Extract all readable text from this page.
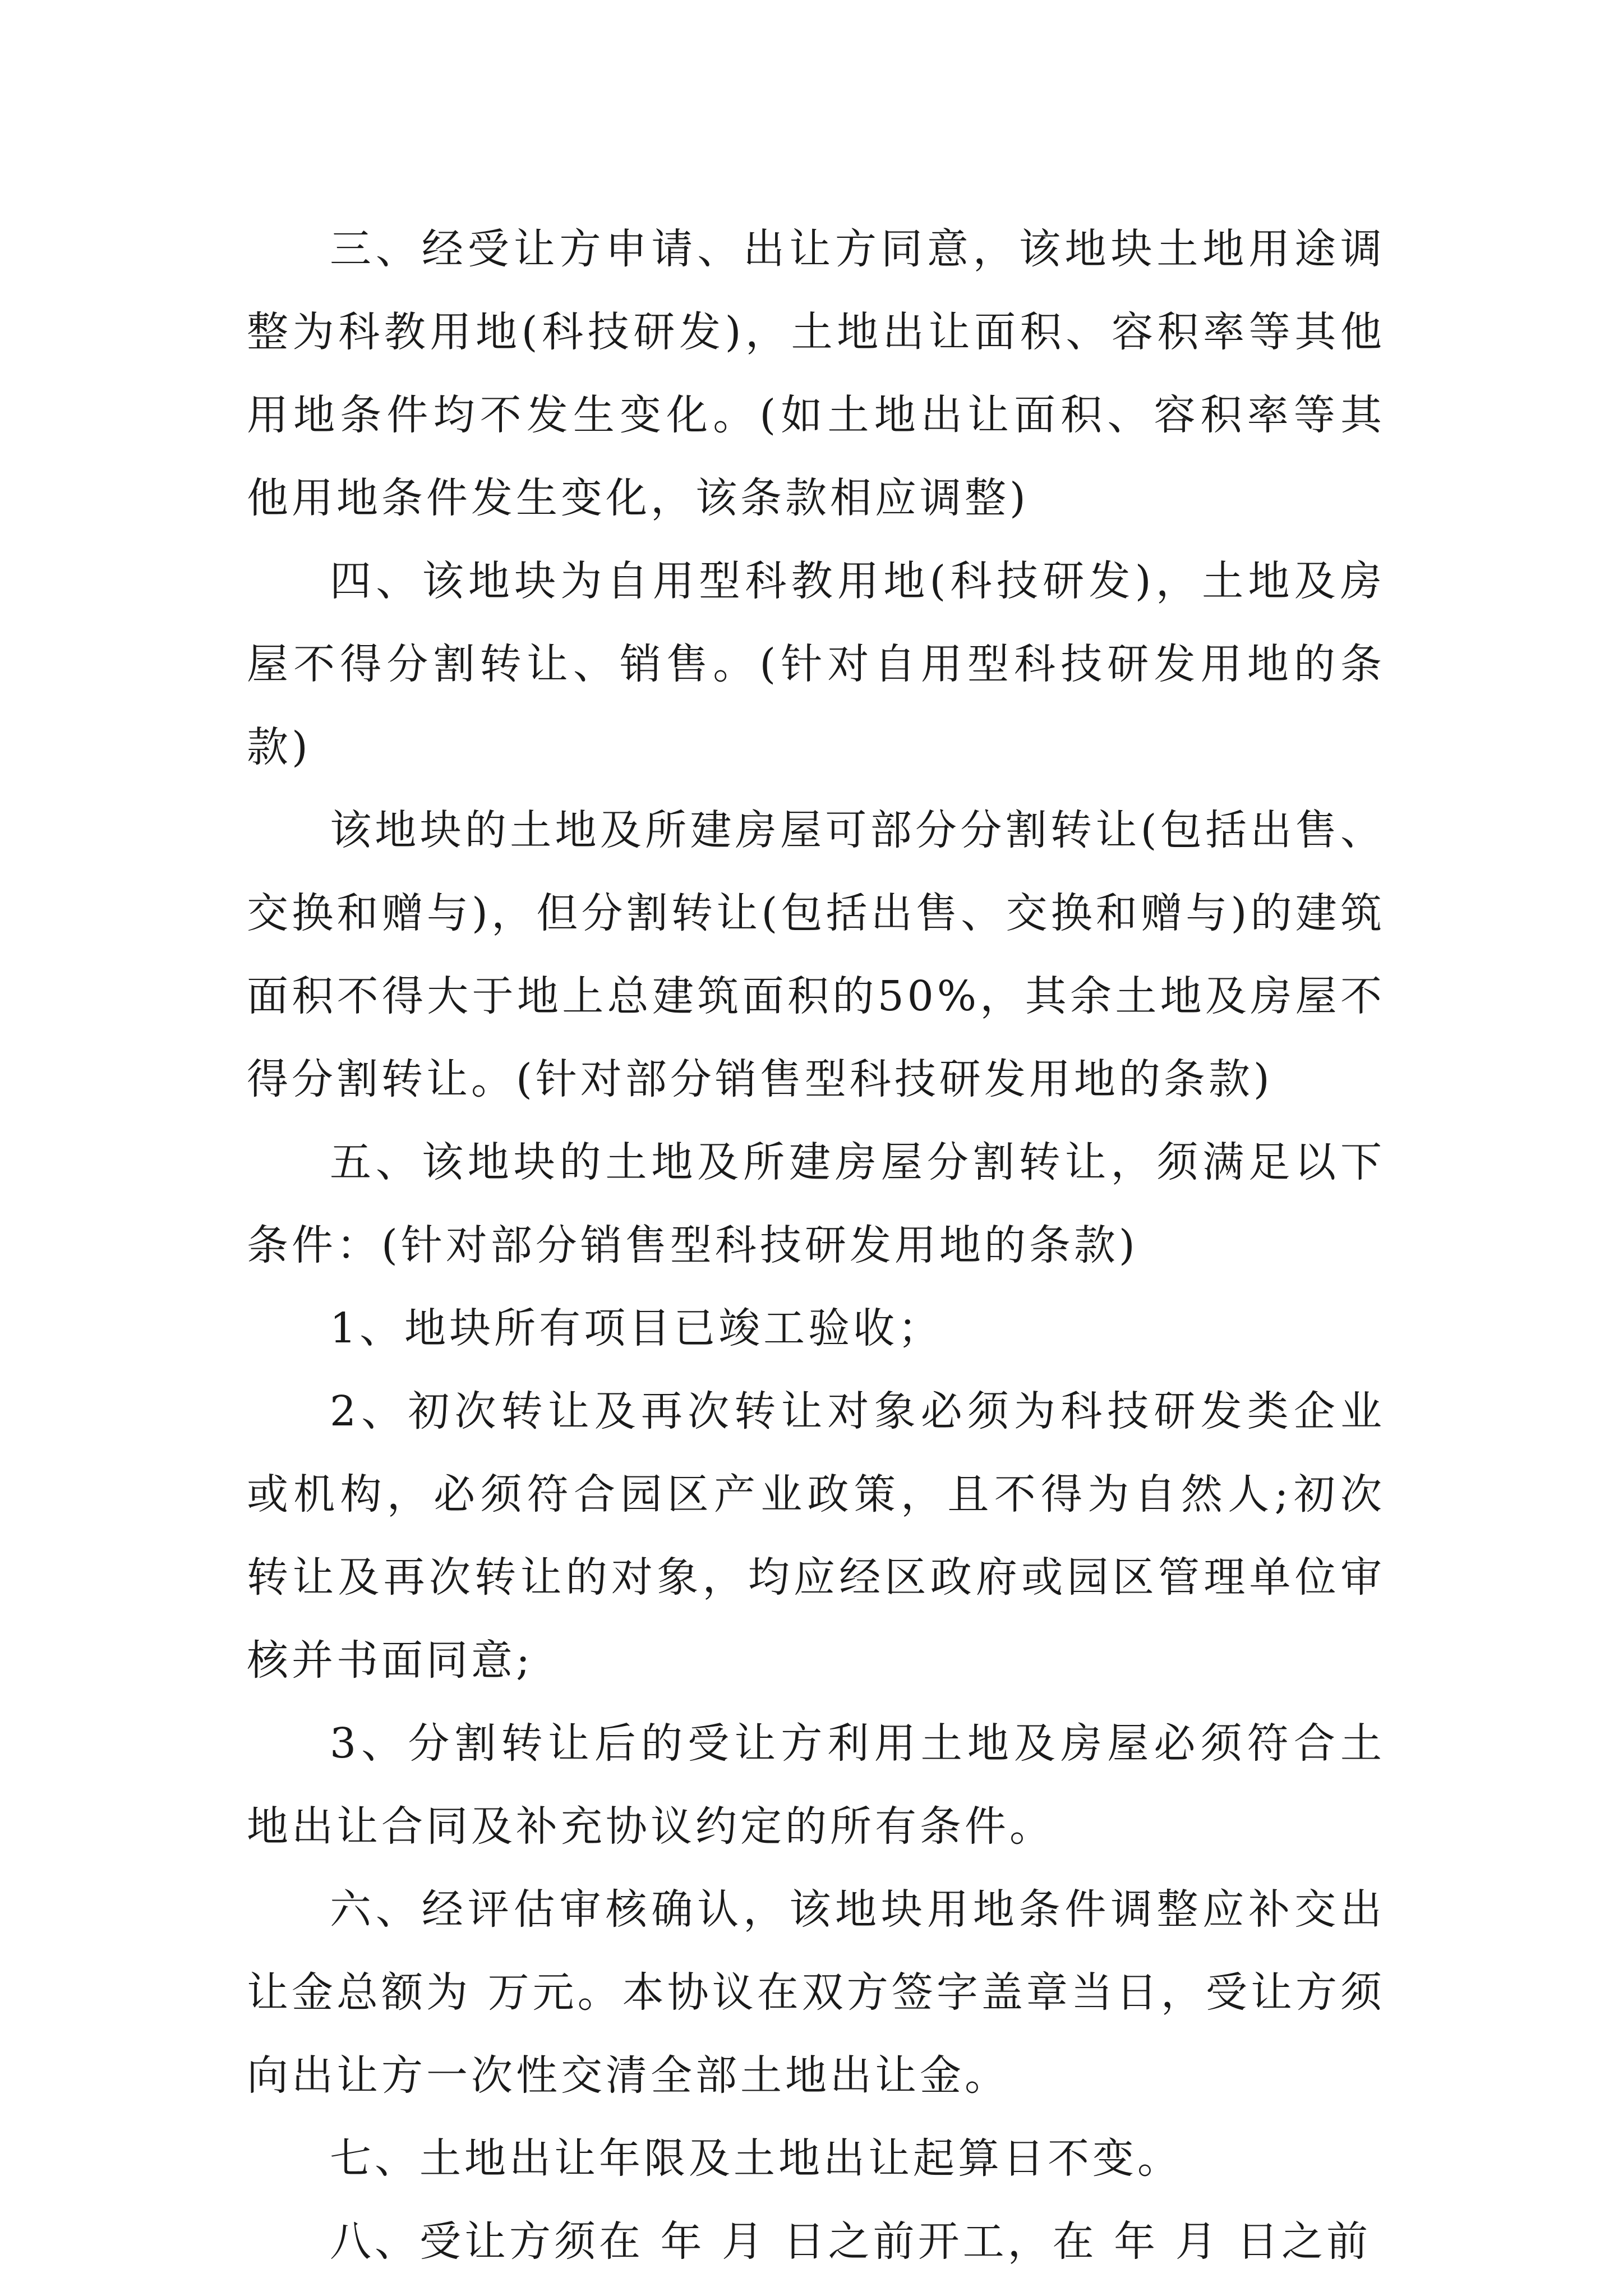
三、经受让方申请、出让方同意，该地块土地用途调整为科教用地(科技研发)，土地出让面积、容积率等其他用地条件均不发生变化。(如土地出让面积、容积率等其他用地条件发生变化，该条款相应调整)

四、该地块为自用型科教用地(科技研发)，土地及房屋不得分割转让、销售。(针对自用型科技研发用地的条款)

该地块的土地及所建房屋可部分分割转让(包括出售、交换和赠与)，但分割转让(包括出售、交换和赠与)的建筑面积不得大于地上总建筑面积的50%，其余土地及房屋不得分割转让。(针对部分销售型科技研发用地的条款)

五、该地块的土地及所建房屋分割转让，须满足以下条件：(针对部分销售型科技研发用地的条款)

1、地块所有项目已竣工验收；

2、初次转让及再次转让对象必须为科技研发类企业或机构，必须符合园区产业政策，且不得为自然人;初次转让及再次转让的对象，均应经区政府或园区管理单位审核并书面同意;

3、分割转让后的受让方利用土地及房屋必须符合土地出让合同及补充协议约定的所有条件。

六、经评估审核确认，该地块用地条件调整应补交出让金总额为 万元。本协议在双方签字盖章当日，受让方须向出让方一次性交清全部土地出让金。

七、土地出让年限及土地出让起算日不变。

八、受让方须在 年 月 日之前开工，在 年 月 日之前
